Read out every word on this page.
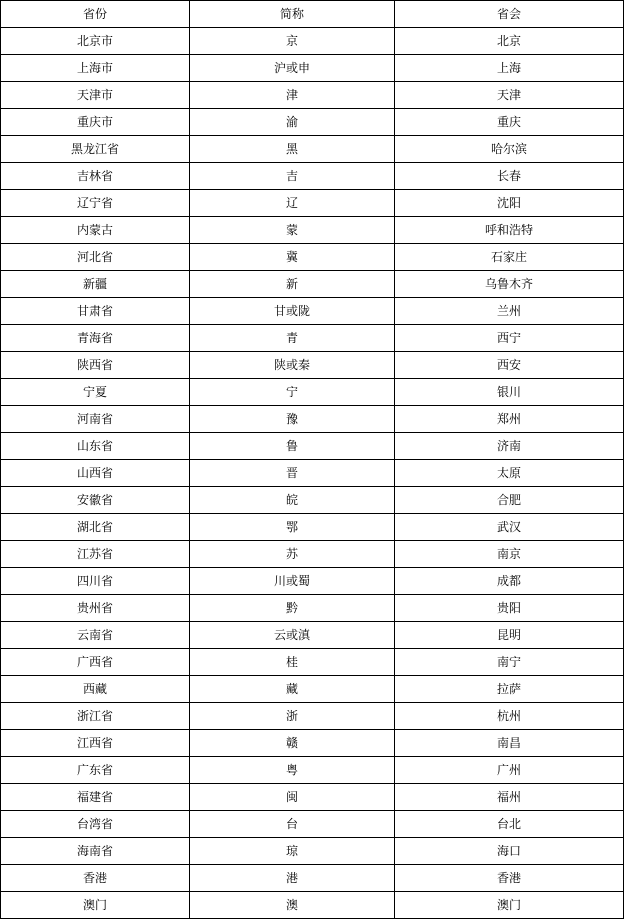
省份	简称	省会
北京市	京	北京
上海市	沪或申	上海
天津市	津	天津
重庆市	渝	重庆
黑龙江省	黑	哈尔滨
吉林省	吉	长春
辽宁省	辽	沈阳
内蒙古	蒙	呼和浩特
河北省	冀	石家庄
新疆	新	乌鲁木齐
甘肃省	甘或陇	兰州
青海省	青	西宁
陕西省	陕或秦	西安
宁夏	宁	银川
河南省	豫	郑州
山东省	鲁	济南
山西省	晋	太原
安徽省	皖	合肥
湖北省	鄂	武汉
江苏省	苏	南京
四川省	川或蜀	成都
贵州省	黔	贵阳
云南省	云或滇	昆明
广西省	桂	南宁
西藏	藏	拉萨
浙江省	浙	杭州
江西省	赣	南昌
广东省	粤	广州
福建省	闽	福州
台湾省	台	台北
海南省	琼	海口
香港	港	香港
澳门	澳	澳门
